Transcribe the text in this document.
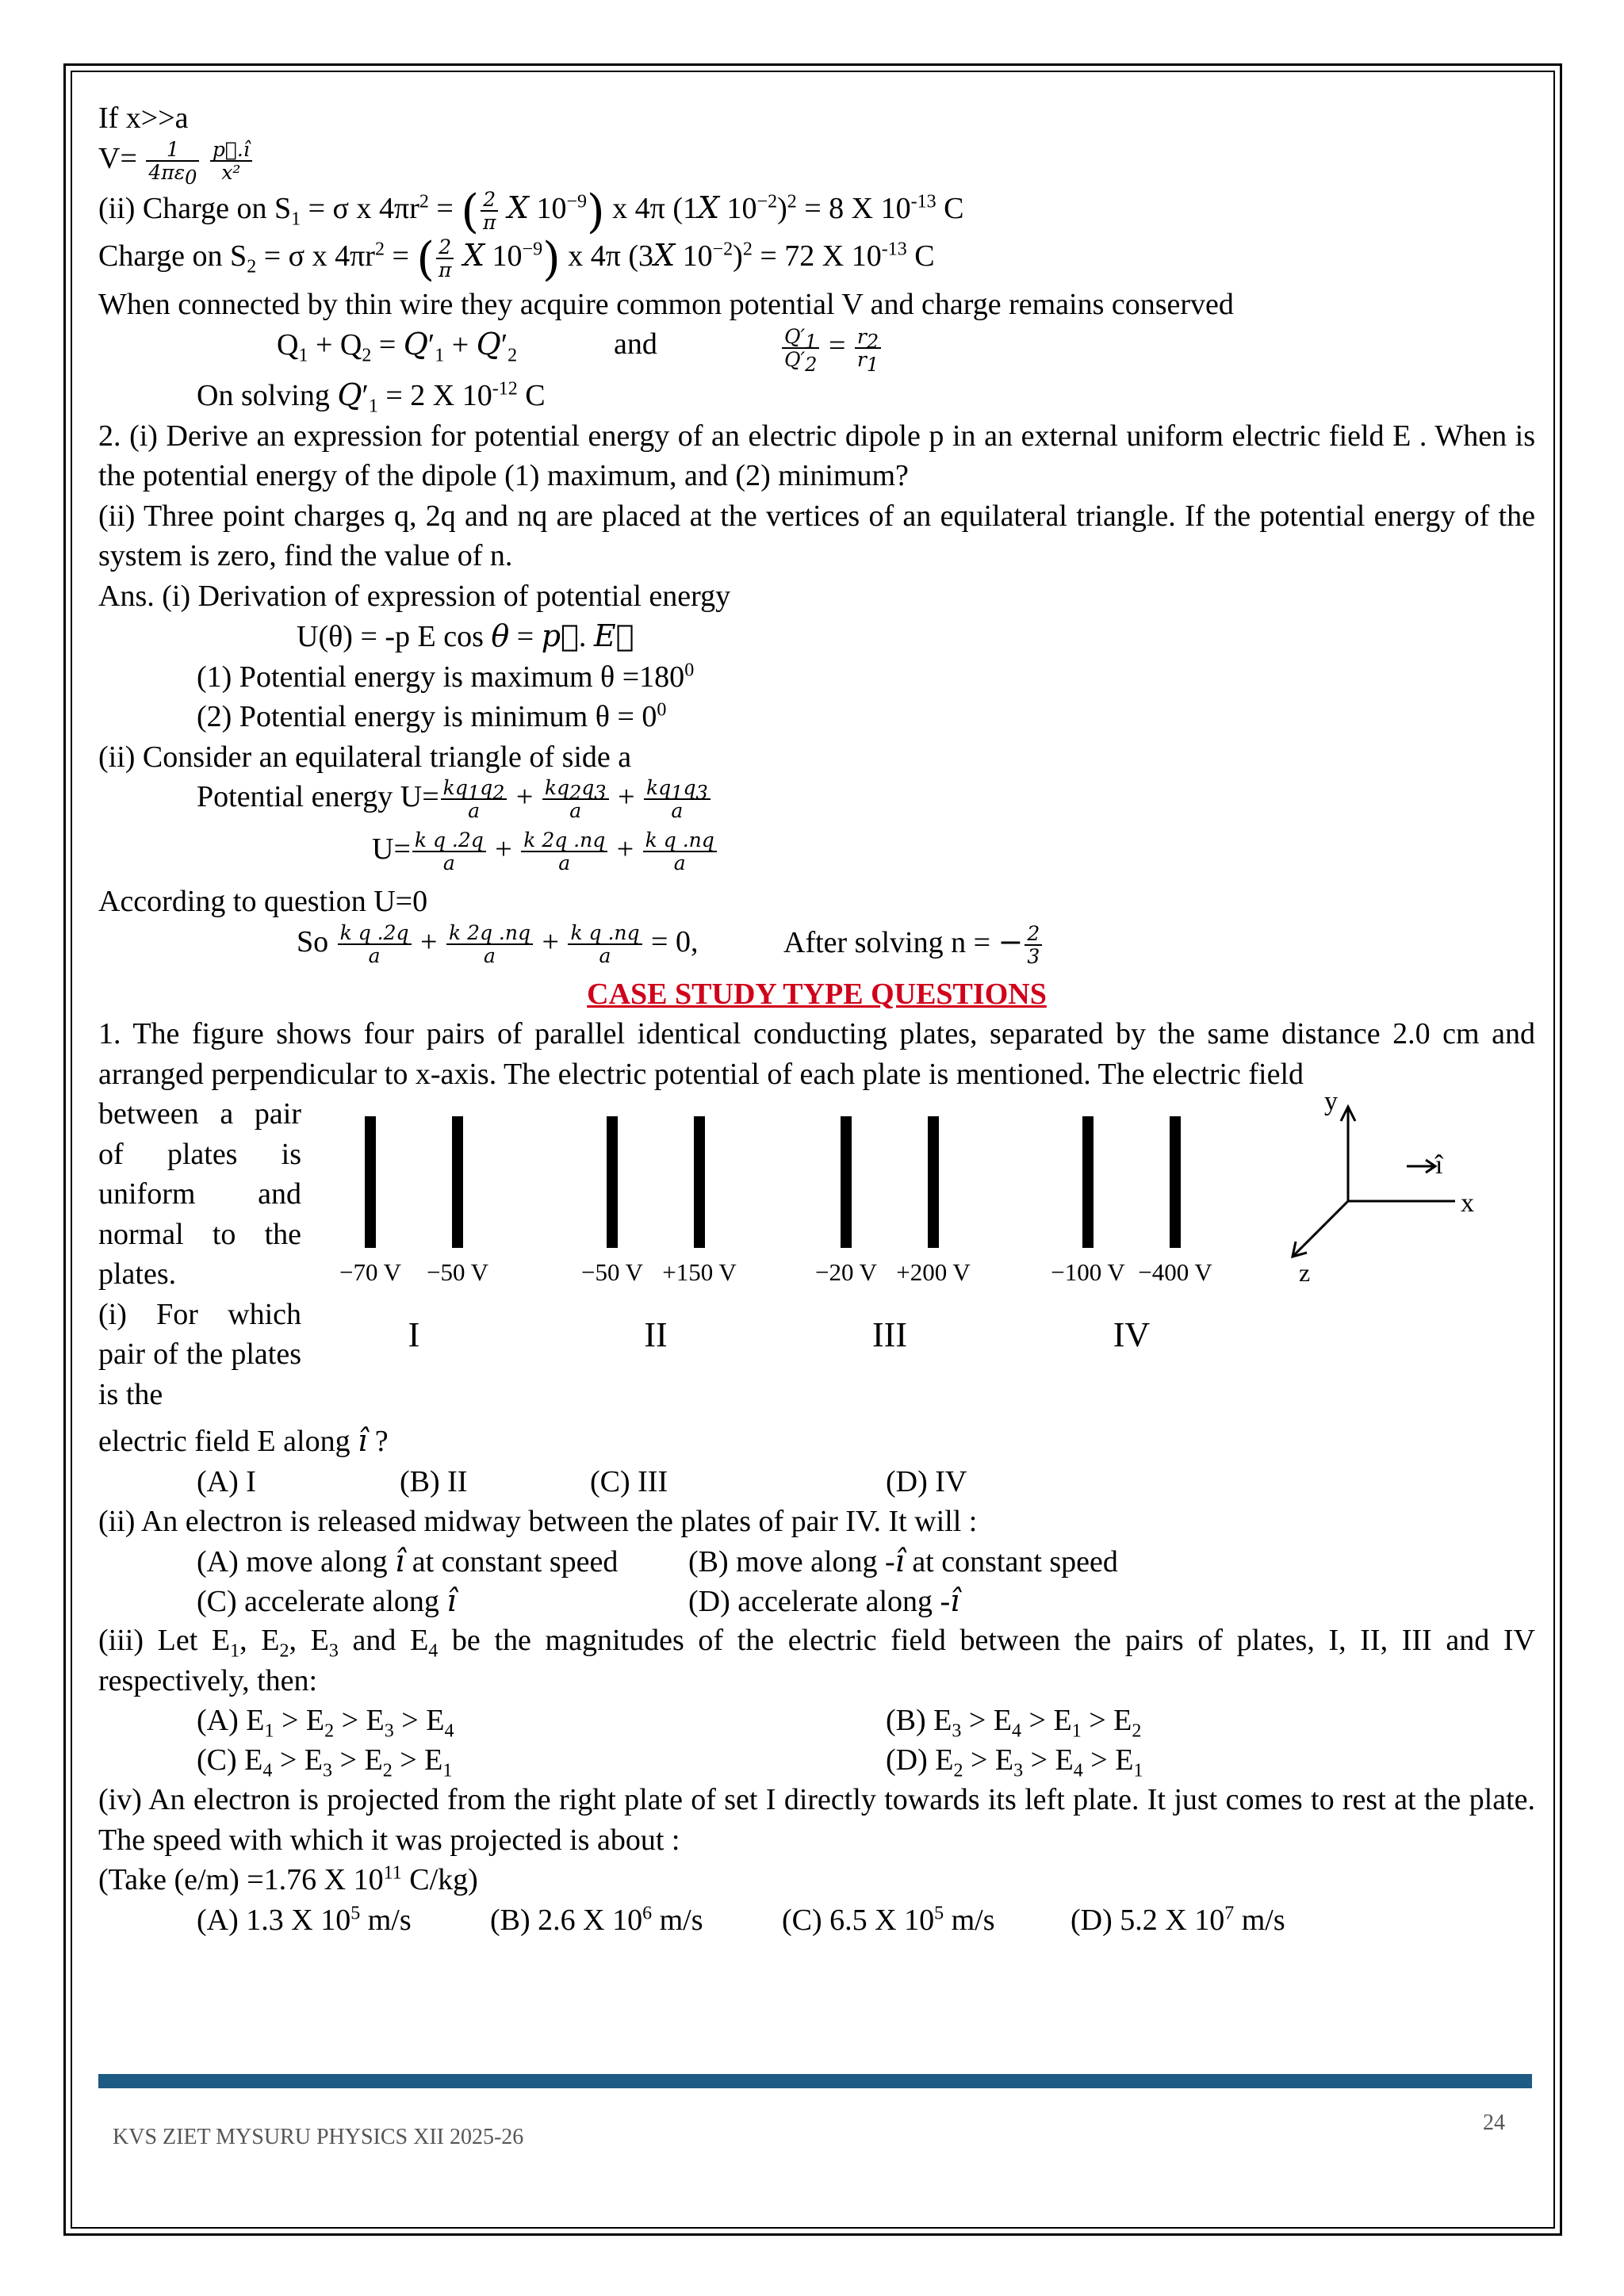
If x>>a
$V= \frac{1}{4\pi\varepsilon_0}$
$\frac{p⃗.î}{\text{x²}}$
(ii) Charge on $S_1 = \sigma$ x $4\pi r^2$ = ( $\frac{2}{\pi}$ X $10^{-9}$) x 4π (1X $10^{-2})^2 = 8$ X $10^{-13}$ C
Charge on $S_2 = \sigma$ x $4\pi r^2$ = ( $\frac{2}{\pi}$ X $10^{-9}$) x 4π (3X $10^{-2})^2 = 72$ X $10^{-13}$ C
When connected by thin wire they acquire common potential V and charge remains conserved
$Q_1 + Q_2 = Q'_1 + Q'_2$	and	$\frac{Q'_1}{Q'_2} = \frac{r_2}{r_1}$
On solving $Q'_1 = 2$ X $10^{-12}$ C
2. (i) Derive an expression for potential energy of an electric dipole p in an external uniform electric field E . When is the potential energy of the dipole (1) maximum, and (2) minimum?
(ii) Three point charges q, 2q and nq are placed at the vertices of an equilateral triangle. If the potential energy of the system is zero, find the value of n.
Ans. (i) Derivation of expression of potential energy
U(θ) = -p E cos θ = p⃗. E⃗
(1) Potential energy is maximum $\theta =180^0$
(2) Potential energy is minimum $\theta = 0^0$
(ii) Consider an equilateral triangle of side a
Potential energy $U= \frac{kq_1q_2}{a} + \frac{kq_2q_3}{a} + \frac{kq_1q_3}{a}$
$U= \frac{\text{k q .2q}}{a} + \frac{k 2q .nq}{a} + \frac{\text{k q .nq}}{a}$
According to question U=0
So $\frac{\text{k q .2q}}{a} + \frac{k 2q .nq}{a} + \frac{\text{k q .nq}}{a} = 0$,	After solving n = − $\frac{2}{3}$
CASE STUDY TYPE QUESTIONS
1. The figure shows four pairs of parallel identical conducting plates, separated by the same distance 2.0 cm and arranged perpendicular to x-axis. The electric potential of each plate is mentioned. The electric field
between a pair of plates is uniform and normal to the plates.
(i) For which pair of the plates is the
−70 V −50 V
I
−50 V +150 V
II
−20 V +200 V
III
−100 V −400 V
IV
x
y
î
z
electric field E along î ?
(A) I	(B) II	(C) III	(D) IV
(ii) An electron is released midway between the plates of pair IV. It will :
(A) move along î at constant speed (B) move along -î at constant speed
(C) accelerate along î	(D) accelerate along -î
(iii) Let $E_1$, $E_2$, $E_3$ and $E_4$ be the magnitudes of the electric field between the pairs of plates, I, II, III and IV respectively, then:
(A) $E_1 > E_2 > E_3 > E_4$	(B) $E_3 > E_4 > E_1 > E_2$
(C) $E_4 > E_3 > E_2 > E_1$	(D) $E_2 > E_3 > E_4 > E_1$
(iv) An electron is projected from the right plate of set I directly towards its left plate. It just comes to rest at the plate. The speed with which it was projected is about :
(Take (e/m) =1.76 X $10^{11}$ C/kg)
(A) 1.3 X $10^5$ m/s	(B) 2.6 X $10^6$ m/s	(C) 6.5 X $10^5$ m/s	(D) 5.2 X $10^7$ m/s
KVS ZIET MYSURU PHYSICS XII 2025-26
24
